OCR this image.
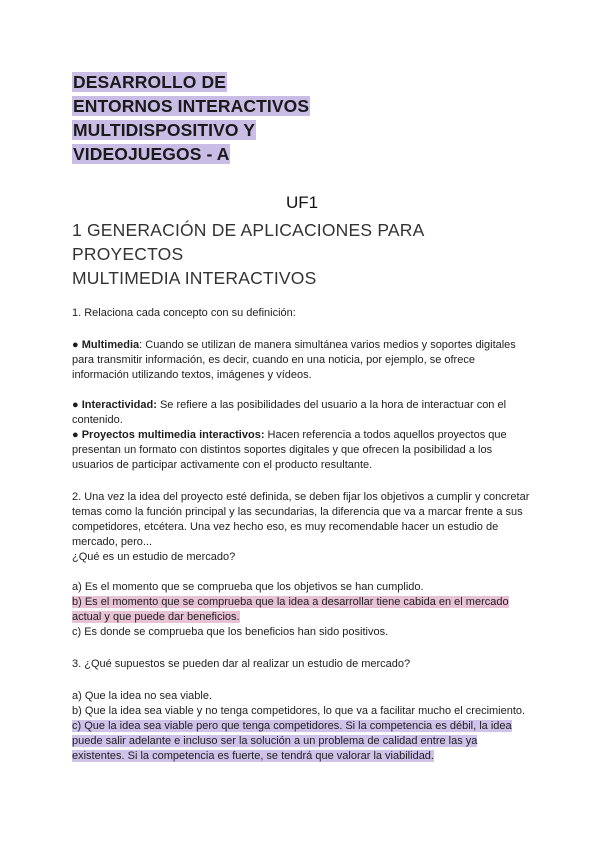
DESARROLLO DE
ENTORNOS INTERACTIVOS
MULTIDISPOSITIVO Y
VIDEOJUEGOS - A
UF1
1 GENERACIÓN DE APLICACIONES PARA PROYECTOS
MULTIMEDIA INTERACTIVOS

1. Relaciona cada concepto con su definición:

● Multimedia: Cuando se utilizan de manera simultánea varios medios y soportes digitales para transmitir información, es decir, cuando en una noticia, por ejemplo, se ofrece información utilizando textos, imágenes y vídeos.

● Interactividad: Se refiere a las posibilidades del usuario a la hora de interactuar con el contenido.

● Proyectos multimedia interactivos: Hacen referencia a todos aquellos proyectos que presentan un formato con distintos soportes digitales y que ofrecen la posibilidad a los usuarios de participar activamente con el producto resultante.

2. Una vez la idea del proyecto esté definida, se deben fijar los objetivos a cumplir y concretar temas como la función principal y las secundarias, la diferencia que va a marcar frente a sus competidores, etcétera. Una vez hecho eso, es muy recomendable hacer un estudio de mercado, pero...

¿Qué es un estudio de mercado?

a) Es el momento que se comprueba que los objetivos se han cumplido.

b) Es el momento que se comprueba que la idea a desarrollar tiene cabida en el mercado actual y que puede dar beneficios.

c) Es donde se comprueba que los beneficios han sido positivos.

3. ¿Qué supuestos se pueden dar al realizar un estudio de mercado?

a) Que la idea no sea viable.

b) Que la idea sea viable y no tenga competidores, lo que va a facilitar mucho el crecimiento.

c) Que la idea sea viable pero que tenga competidores. Si la competencia es débil, la idea puede salir adelante e incluso ser la solución a un problema de calidad entre las ya existentes. Si la competencia es fuerte, se tendrá que valorar la viabilidad.
